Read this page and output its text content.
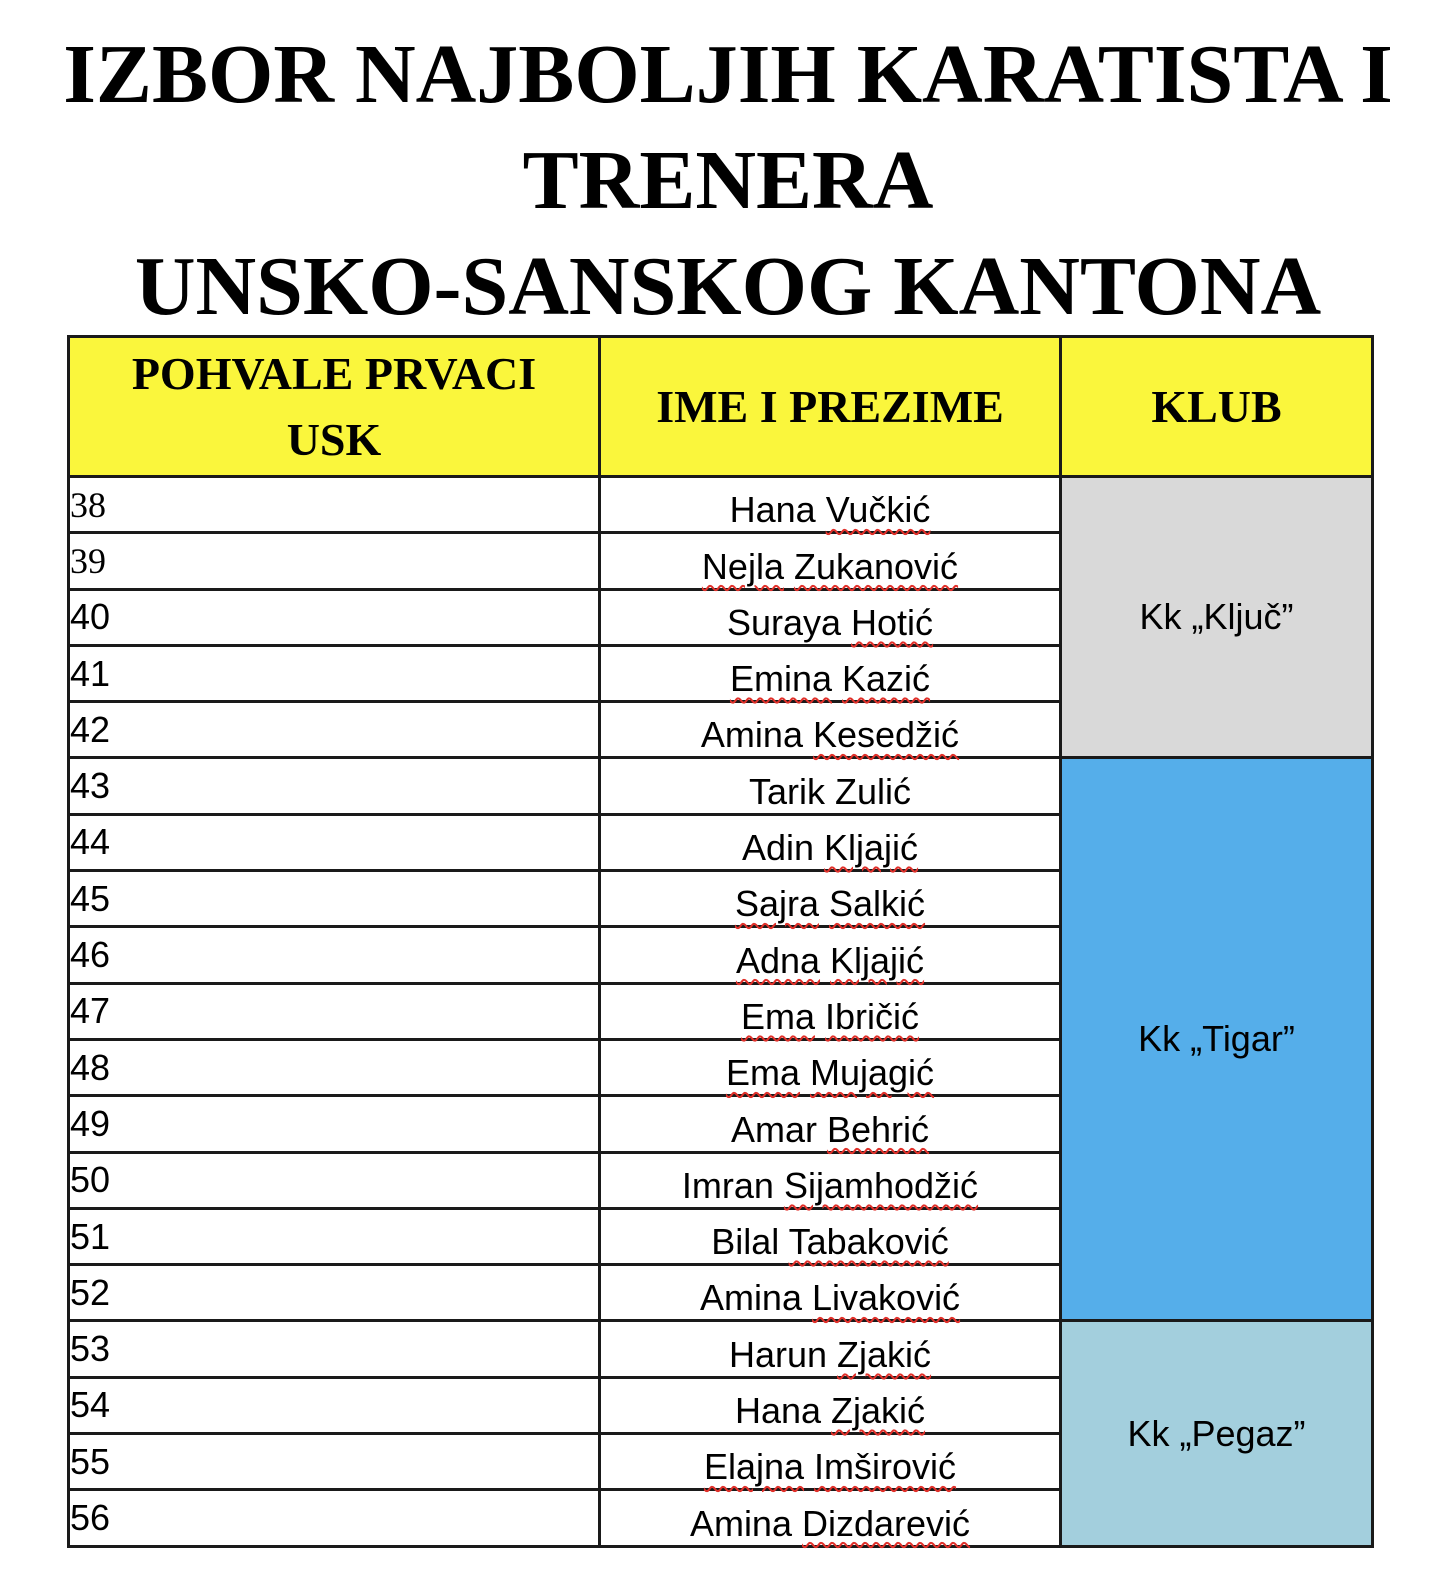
IZBOR NAJBOLJIH KARATISTA I
TRENERA
UNSKO-SANSKOG KANTONA
POHVALE PRVACI
USK	IME I PREZIME	KLUB
38	Hana Vučkić	Kk „Ključ”
39	Nejla Zukanović	
40	Suraya Hotić	
41	Emina Kazić	
42	Amina Kesedžić	
43	Tarik Zulić	Kk „Tigar”
44	Adin Kljajić	
45	Sajra Salkić	
46	Adna Kljajić	
47	Ema Ibričić	
48	Ema Mujagić	
49	Amar Behrić	
50	Imran Sijamhodžić	
51	Bilal Tabaković	
52	Amina Livaković	
53	Harun Zjakić	Kk „Pegaz”
54	Hana Zjakić	
55	Elajna Imširović	
56	Amina Dizdarević	
